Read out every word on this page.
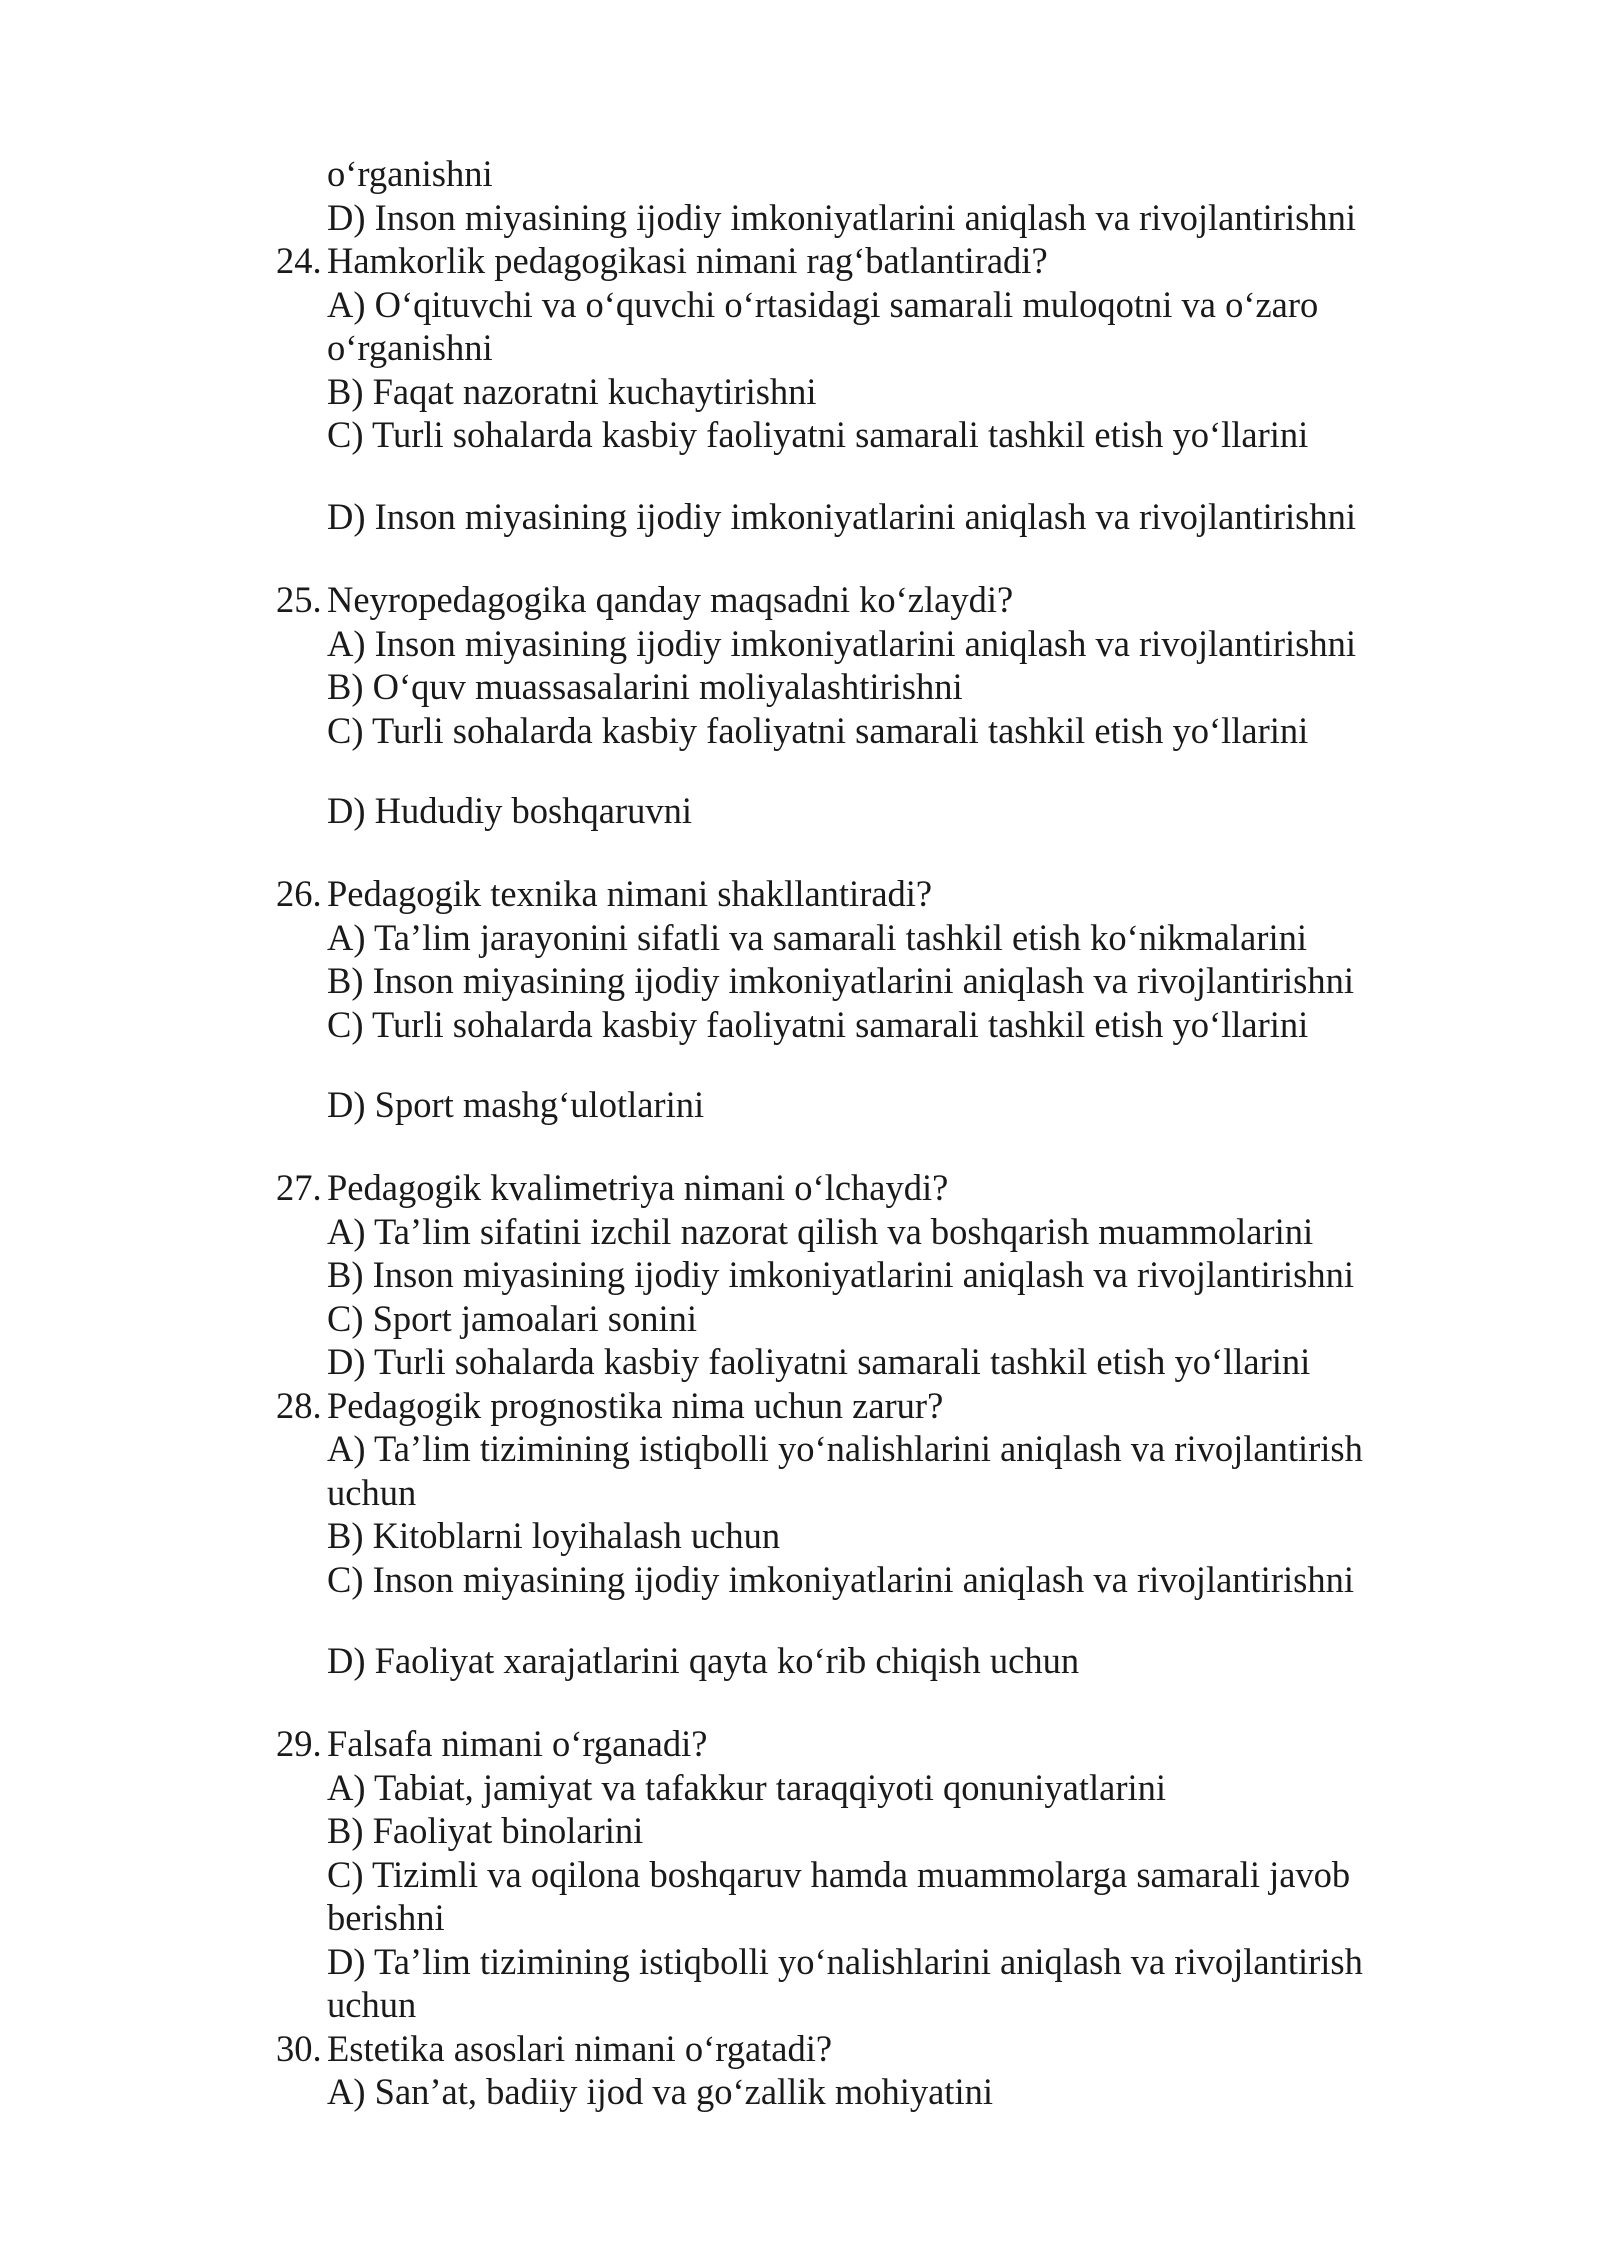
o‘rganishni
D) Inson miyasining ijodiy imkoniyatlarini aniqlash va rivojlantirishni
24. Hamkorlik pedagogikasi nimani rag‘batlantiradi?
A) O‘qituvchi va o‘quvchi o‘rtasidagi samarali muloqotni va o‘zaro
o‘rganishni
B) Faqat nazoratni kuchaytirishni
C) Turli sohalarda kasbiy faoliyatni samarali tashkil etish yo‘llarini
D) Inson miyasining ijodiy imkoniyatlarini aniqlash va rivojlantirishni
25. Neyropedagogika qanday maqsadni ko‘zlaydi?
A) Inson miyasining ijodiy imkoniyatlarini aniqlash va rivojlantirishni
B) O‘quv muassasalarini moliyalashtirishni
C) Turli sohalarda kasbiy faoliyatni samarali tashkil etish yo‘llarini
D) Hududiy boshqaruvni
26. Pedagogik texnika nimani shakllantiradi?
A) Ta’lim jarayonini sifatli va samarali tashkil etish ko‘nikmalarini
B) Inson miyasining ijodiy imkoniyatlarini aniqlash va rivojlantirishni
C) Turli sohalarda kasbiy faoliyatni samarali tashkil etish yo‘llarini
D) Sport mashg‘ulotlarini
27. Pedagogik kvalimetriya nimani o‘lchaydi?
A) Ta’lim sifatini izchil nazorat qilish va boshqarish muammolarini
B) Inson miyasining ijodiy imkoniyatlarini aniqlash va rivojlantirishni
C) Sport jamoalari sonini
D) Turli sohalarda kasbiy faoliyatni samarali tashkil etish yo‘llarini
28. Pedagogik prognostika nima uchun zarur?
A) Ta’lim tizimining istiqbolli yo‘nalishlarini aniqlash va rivojlantirish
uchun
B) Kitoblarni loyihalash uchun
C) Inson miyasining ijodiy imkoniyatlarini aniqlash va rivojlantirishni
D) Faoliyat xarajatlarini qayta ko‘rib chiqish uchun
29. Falsafa nimani o‘rganadi?
A) Tabiat, jamiyat va tafakkur taraqqiyoti qonuniyatlarini
B) Faoliyat binolarini
C) Tizimli va oqilona boshqaruv hamda muammolarga samarali javob
berishni
D) Ta’lim tizimining istiqbolli yo‘nalishlarini aniqlash va rivojlantirish
uchun
30. Estetika asoslari nimani o‘rgatadi?
A) San’at, badiiy ijod va go‘zallik mohiyatini
